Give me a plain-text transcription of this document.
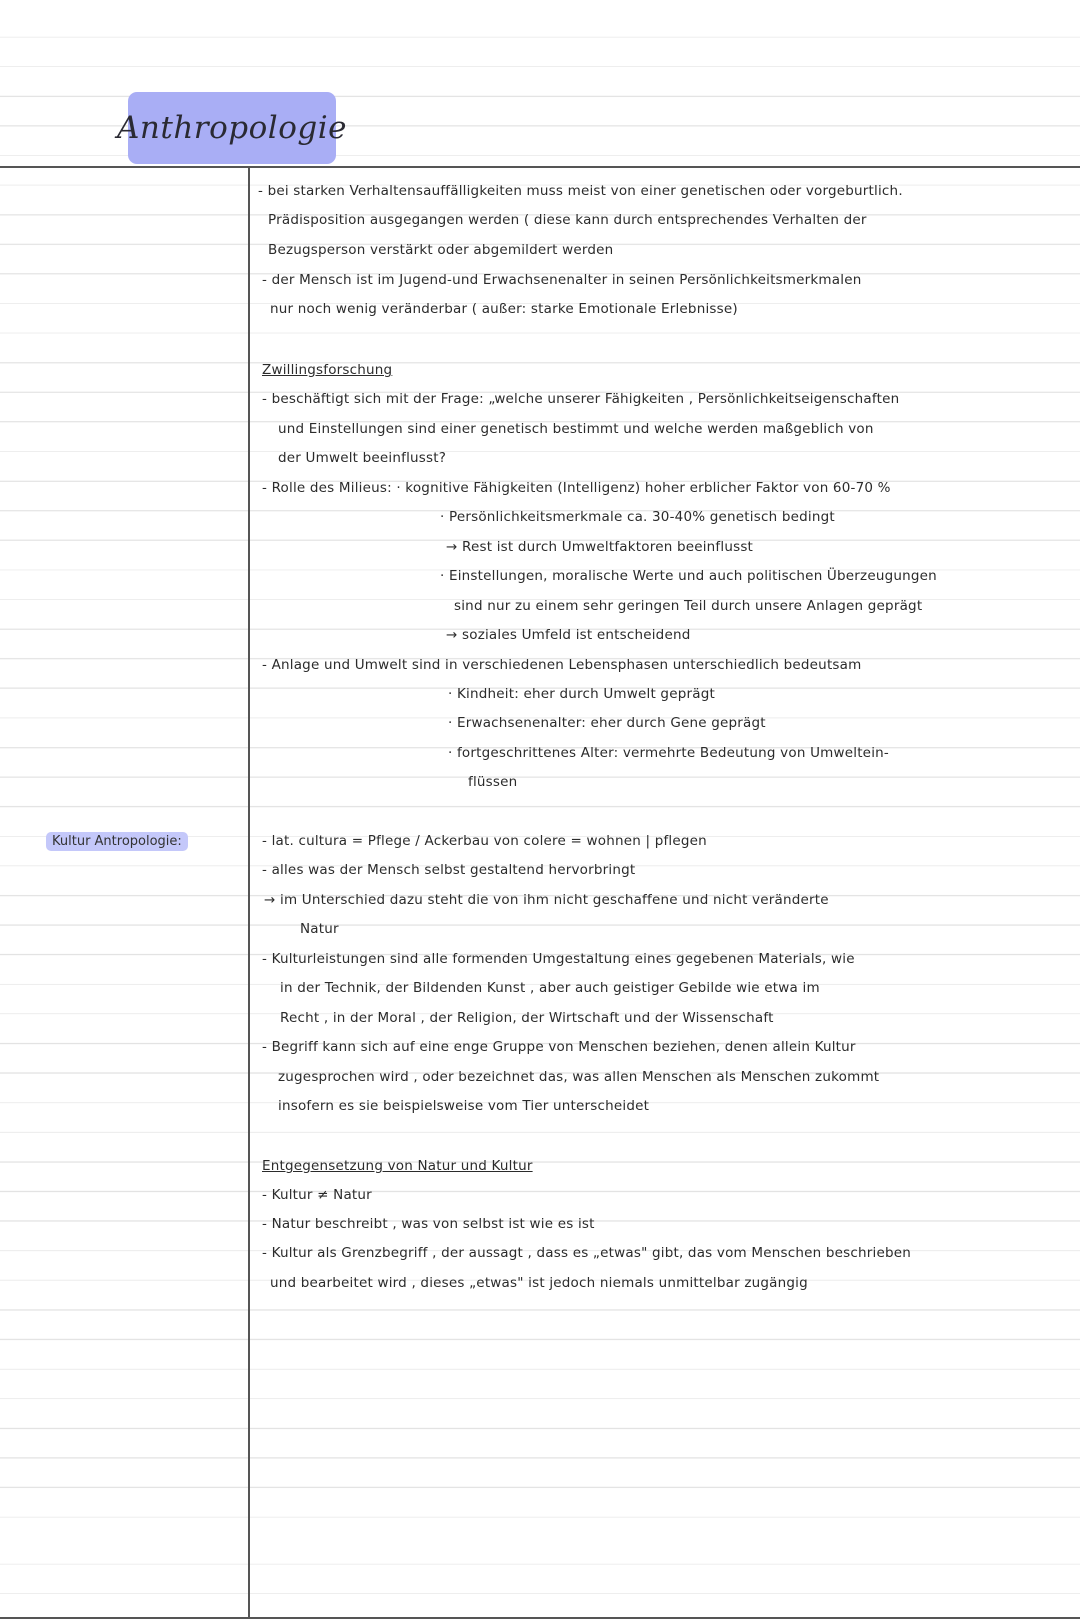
Anthropologie
Kultur Antropologie:
- bei starken Verhaltensauffälligkeiten muss meist von einer genetischen oder vorgeburtlich.
Prädisposition ausgegangen werden ( diese kann durch entsprechendes Verhalten der
Bezugsperson verstärkt oder abgemildert werden
- der Mensch ist im Jugend-und Erwachsenenalter in seinen Persönlichkeitsmerkmalen
nur noch wenig veränderbar ( außer: starke Emotionale Erlebnisse)
Zwillingsforschung
- beschäftigt sich mit der Frage: „welche unserer Fähigkeiten , Persönlichkeitseigenschaften
und Einstellungen sind einer genetisch bestimmt und welche werden maßgeblich von
der Umwelt beeinflusst?
- Rolle des Milieus: · kognitive Fähigkeiten (Intelligenz) hoher erblicher Faktor von 60-70 %
· Persönlichkeitsmerkmale ca. 30-40% genetisch bedingt
→ Rest ist durch Umweltfaktoren beeinflusst
· Einstellungen, moralische Werte und auch politischen Überzeugungen
sind nur zu einem sehr geringen Teil durch unsere Anlagen geprägt
→ soziales Umfeld ist entscheidend
- Anlage und Umwelt sind in verschiedenen Lebensphasen unterschiedlich bedeutsam
· Kindheit: eher durch Umwelt geprägt
· Erwachsenenalter: eher durch Gene geprägt
· fortgeschrittenes Alter: vermehrte Bedeutung von Umweltein-
flüssen
- lat. cultura = Pflege / Ackerbau von colere = wohnen | pflegen
- alles was der Mensch selbst gestaltend hervorbringt
→ im Unterschied dazu steht die von ihm nicht geschaffene und nicht veränderte
Natur
- Kulturleistungen sind alle formenden Umgestaltung eines gegebenen Materials, wie
in der Technik, der Bildenden Kunst , aber auch geistiger Gebilde wie etwa im
Recht , in der Moral , der Religion, der Wirtschaft und der Wissenschaft
- Begriff kann sich auf eine enge Gruppe von Menschen beziehen, denen allein Kultur
zugesprochen wird , oder bezeichnet das, was allen Menschen als Menschen zukommt
insofern es sie beispielsweise vom Tier unterscheidet
Entgegensetzung von Natur und Kultur
- Kultur ≠ Natur
- Natur beschreibt , was von selbst ist wie es ist
- Kultur als Grenzbegriff , der aussagt , dass es „etwas" gibt, das vom Menschen beschrieben
und bearbeitet wird , dieses „etwas" ist jedoch niemals unmittelbar zugängig
